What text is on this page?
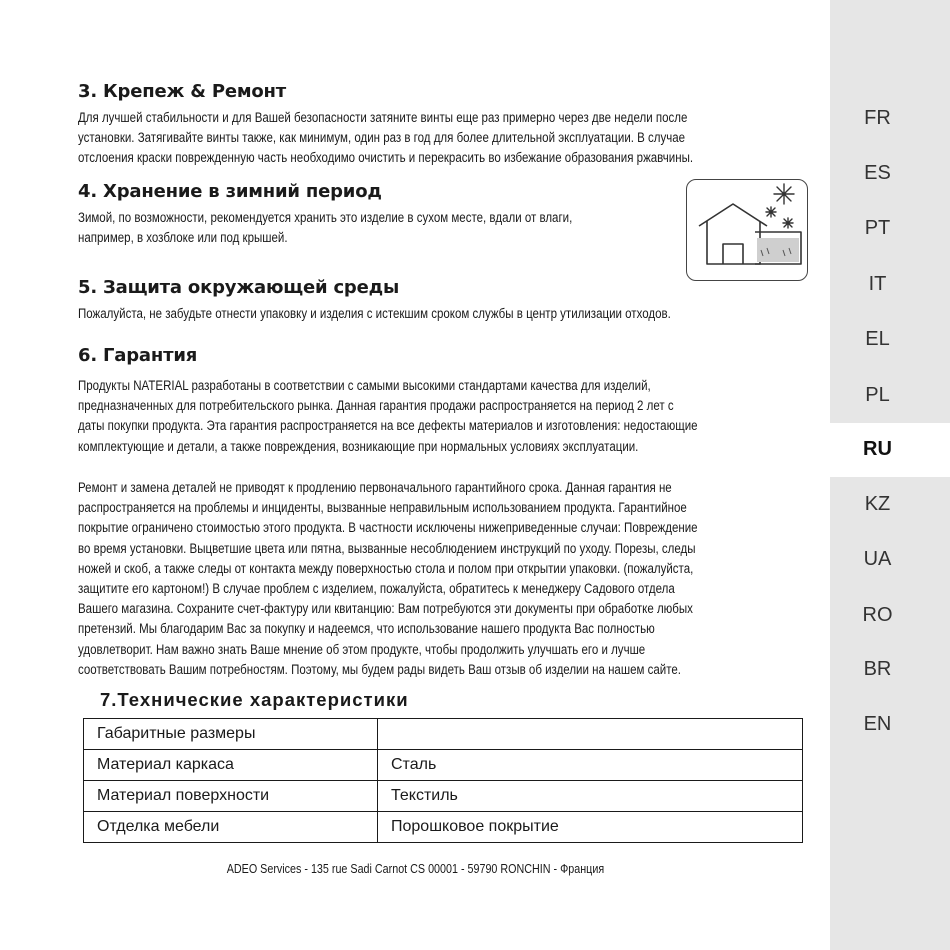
3. Крепеж & Ремонт
Для лучшей стабильности и для Вашей безопасности затяните винты еще раз примерно через две недели после
установки. Затягивайте винты также, как минимум, один раз в год для более длительной эксплуатации. В случае
отслоения краски поврежденную часть необходимо очистить и перекрасить во избежание образования ржавчины.
4. Хранение в зимний период
Зимой, по возможности, рекомендуется хранить это изделие в сухом месте, вдали от влаги,
например, в хозблоке или под крышей.
5. Защита окружающей среды
Пожалуйста, не забудьте отнести упаковку и изделия с истекшим сроком службы в центр утилизации отходов.
6. Гарантия
Продукты NATERIAL разработаны в соответствии с самыми высокими стандартами качества для изделий,
предназначенных для потребительского рынка. Данная гарантия продажи распространяется на период 2 лет с
даты покупки продукта. Эта гарантия распространяется на все дефекты материалов и изготовления: недостающие
комплектующие и детали, а также повреждения, возникающие при нормальных условиях эксплуатации.
Ремонт и замена деталей не приводят к продлению первоначального гарантийного срока. Данная гарантия не
распространяется на проблемы и инциденты, вызванные неправильным использованием продукта. Гарантийное
покрытие ограничено стоимостью этого продукта. В частности исключены нижеприведенные случаи: Повреждение
во время установки. Выцветшие цвета или пятна, вызванные несоблюдением инструкций по уходу. Порезы, следы
ножей и скоб, а также следы от контакта между поверхностью стола и полом при открытии упаковки. (пожалуйста,
защитите его картоном!) В случае проблем с изделием, пожалуйста, обратитесь к менеджеру Садового отдела
Вашего магазина. Сохраните счет-фактуру или квитанцию: Вам потребуются эти документы при обработке любых
претензий. Мы благодарим Вас за покупку и надеемся, что использование нашего продукта Вас полностью
удовлетворит. Нам важно знать Ваше мнение об этом продукте, чтобы продолжить улучшать его и лучше
соответствовать Вашим потребностям. Поэтому, мы будем рады видеть Ваш отзыв об изделии на нашем сайте.
7.Технические характеристики
Габаритные размеры	
Материал каркаса	Сталь
Материал поверхности	Текстиль
Отделка мебели	Порошковое покрытие
ADEO Services - 135 rue Sadi Carnot CS 00001 - 59790 RONCHIN - Франция
FR
ES
PT
IT
EL
PL
RU
KZ
UA
RO
BR
EN
